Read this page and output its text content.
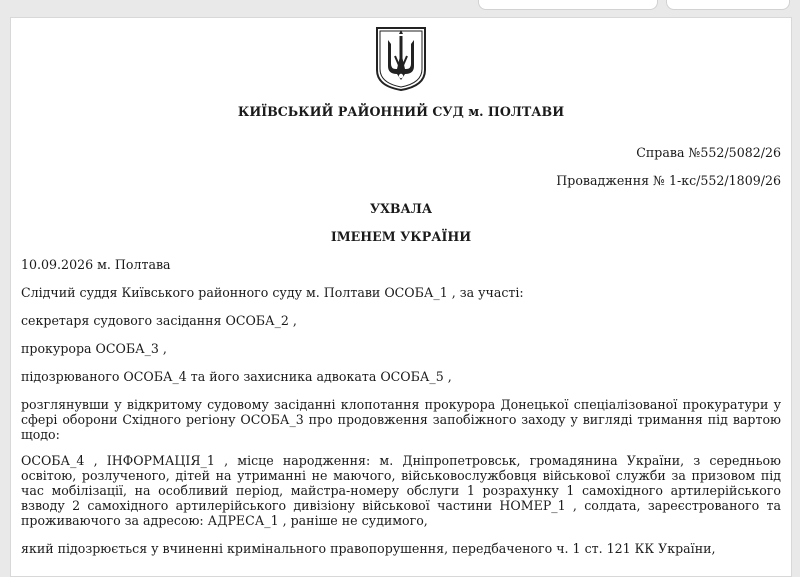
КИЇВСЬКИЙ РАЙОННИЙ СУД м. ПОЛТАВИ
Справа №552/5082/26
Провадження № 1-кс/552/1809/26
УХВАЛА
ІМЕНЕМ УКРАЇНИ

10.09.2026 м. Полтава

Слідчий суддя Київського районного суду м. Полтави ОСОБА_1 , за участі:

секретаря судового засідання ОСОБА_2 ,

прокурора ОСОБА_3 ,

підозрюваного ОСОБА_4 та його захисника адвоката ОСОБА_5 ,

розглянувши у відкритому судовому засіданні клопотання прокурора Донецької спеціалізованої прокуратури у сфері оборони Східного регіону ОСОБА_3 про продовження запобіжного заходу у вигляді тримання під вартою щодо:

ОСОБА_4 , ІНФОРМАЦІЯ_1 , місце народження: м. Дніпропетровськ, громадянина України, з середньою освітою, розлученого, дітей на утриманні не маючого, військовослужбовця військової служби за призовом під час мобілізації, на особливий період, майстра-номеру обслуги 1 розрахунку 1 самохідного артилерійського взводу 2 самохідного артилерійського дивізіону військової частини НОМЕР_1 , солдата, зареєстрованого та проживаючого за адресою: АДРЕСА_1 , раніше не судимого,

який підозрюється у вчиненні кримінального правопорушення, передбаченого ч. 1 ст. 121 КК України,
